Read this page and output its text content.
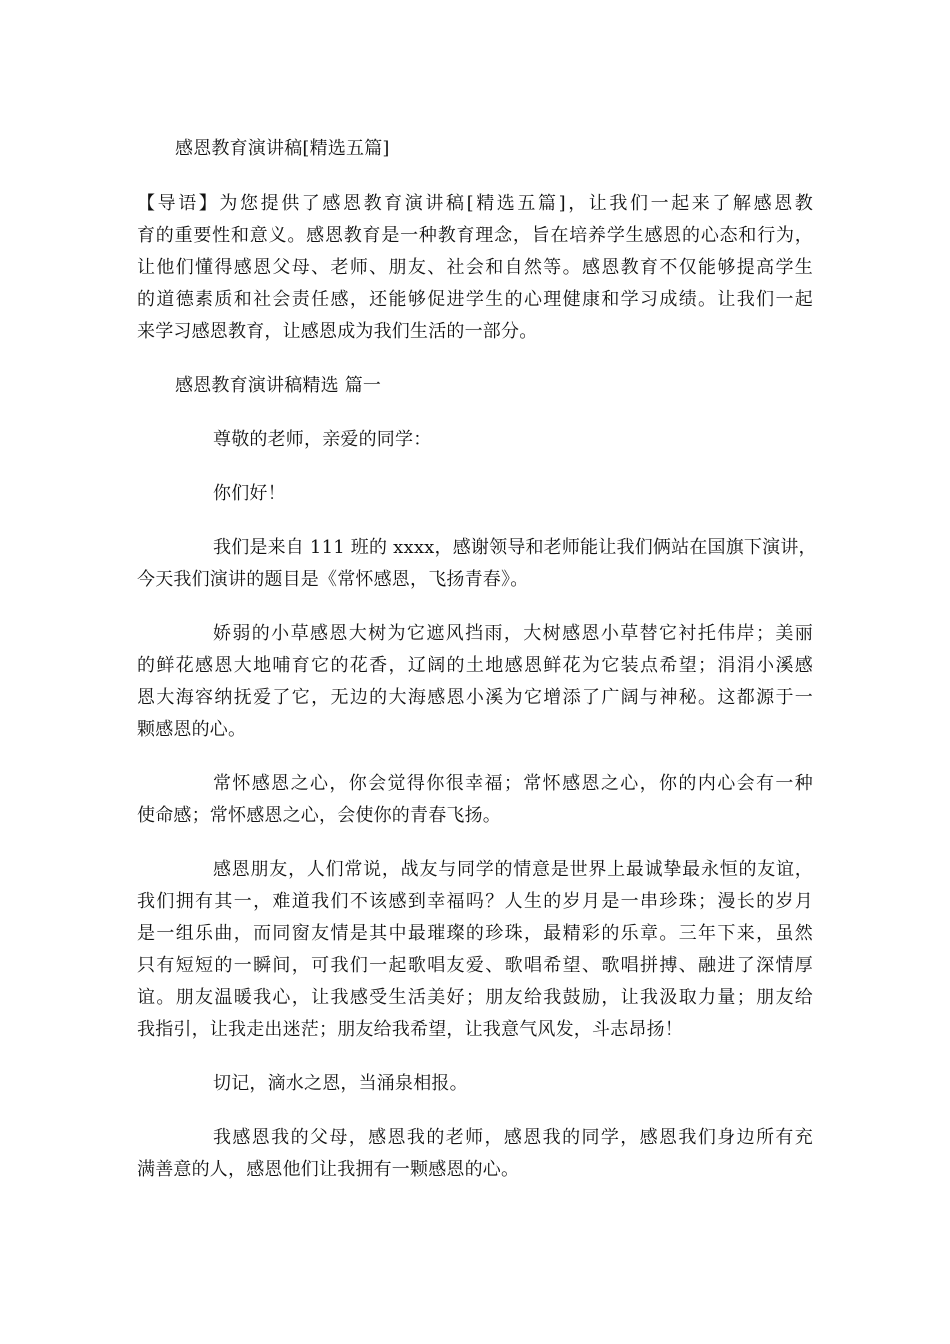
感恩教育演讲稿[精选五篇]
【导语】为您提供了感恩教育演讲稿[精选五篇]，让我们一起来了解感恩教
育的重要性和意义。感恩教育是一种教育理念，旨在培养学生感恩的心态和行为，
让他们懂得感恩父母、老师、朋友、社会和自然等。感恩教育不仅能够提高学生
的道德素质和社会责任感，还能够促进学生的心理健康和学习成绩。让我们一起
来学习感恩教育，让感恩成为我们生活的一部分。
感恩教育演讲稿精选 篇一
尊敬的老师，亲爱的同学：
你们好！
我们是来自 111 班的 xxxx，感谢领导和老师能让我们俩站在国旗下演讲，
今天我们演讲的题目是《常怀感恩，飞扬青春》。
娇弱的小草感恩大树为它遮风挡雨，大树感恩小草替它衬托伟岸；美丽
的鲜花感恩大地哺育它的花香，辽阔的土地感恩鲜花为它装点希望；涓涓小溪感
恩大海容纳抚爱了它，无边的大海感恩小溪为它增添了广阔与神秘。这都源于一
颗感恩的心。
常怀感恩之心，你会觉得你很幸福；常怀感恩之心，你的内心会有一种
使命感；常怀感恩之心，会使你的青春飞扬。
感恩朋友，人们常说，战友与同学的情意是世界上最诚挚最永恒的友谊，
我们拥有其一，难道我们不该感到幸福吗？人生的岁月是一串珍珠；漫长的岁月
是一组乐曲，而同窗友情是其中最璀璨的珍珠，最精彩的乐章。三年下来，虽然
只有短短的一瞬间，可我们一起歌唱友爱、歌唱希望、歌唱拼搏、融进了深情厚
谊。朋友温暖我心，让我感受生活美好；朋友给我鼓励，让我汲取力量；朋友给
我指引，让我走出迷茫；朋友给我希望，让我意气风发，斗志昂扬！
切记，滴水之恩，当涌泉相报。
我感恩我的父母，感恩我的老师，感恩我的同学，感恩我们身边所有充
满善意的人，感恩他们让我拥有一颗感恩的心。
